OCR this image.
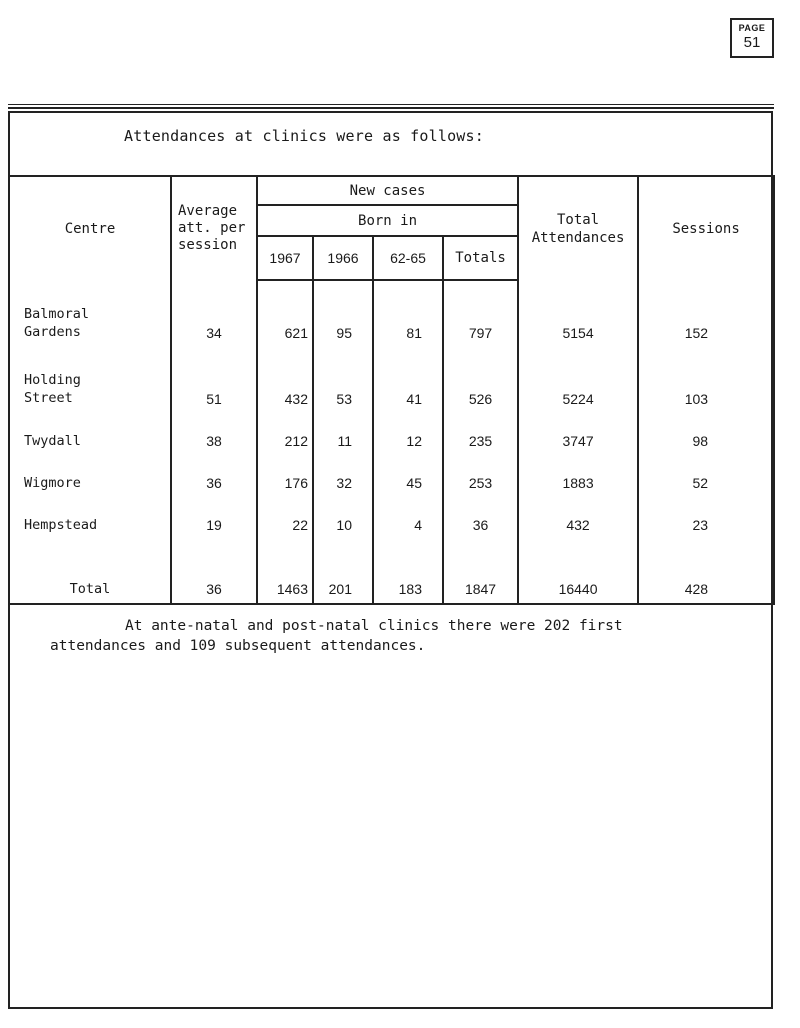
PAGE
51
Attendances at clinics were as follows:
Centre	Average att. per session	New cases				Total Attendances	Sessions
		Born in					
		1967	1966	62-65	Totals		

Balmoral Gardens	34	621	95	81	797	5154	152

Holding Street	51	432	53	41	526	5224	103
Twydall	38	212	11	12	235	3747	98
Wigmore	36	176	32	45	253	1883	52
Hempstead	19	22	10	4	36	432	23
Total	36	1463	201	183	1847	16440	428
At ante-natal and post-natal clinics there were 202 first
attendances and 109 subsequent attendances.
